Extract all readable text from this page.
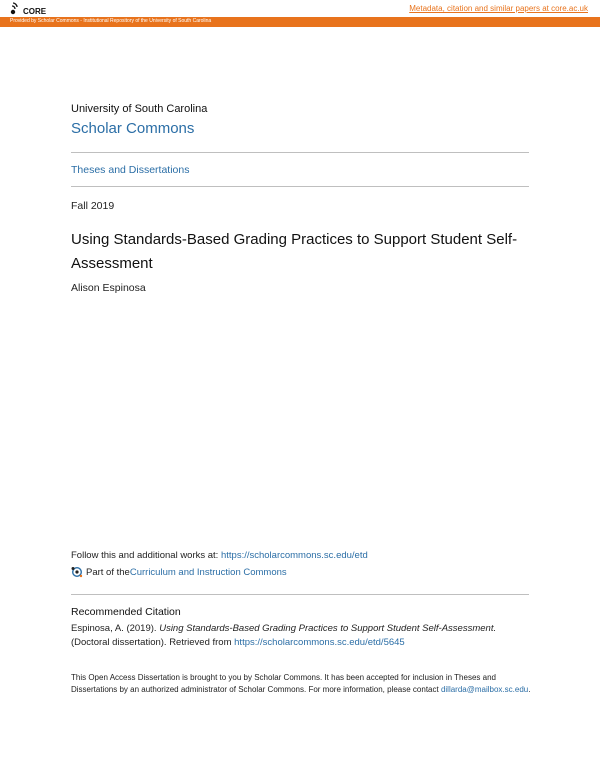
CORE	Metadata, citation and similar papers at core.ac.uk
Provided by Scholar Commons - Institutional Repository of the University of South Carolina
University of South Carolina
Scholar Commons
Theses and Dissertations
Fall 2019
Using Standards-Based Grading Practices to Support Student Self-Assessment
Alison Espinosa
Follow this and additional works at: https://scholarcommons.sc.edu/etd
Part of the Curriculum and Instruction Commons
Recommended Citation
Espinosa, A. (2019). Using Standards-Based Grading Practices to Support Student Self-Assessment. (Doctoral dissertation). Retrieved from https://scholarcommons.sc.edu/etd/5645
This Open Access Dissertation is brought to you by Scholar Commons. It has been accepted for inclusion in Theses and Dissertations by an authorized administrator of Scholar Commons. For more information, please contact dillarda@mailbox.sc.edu.
